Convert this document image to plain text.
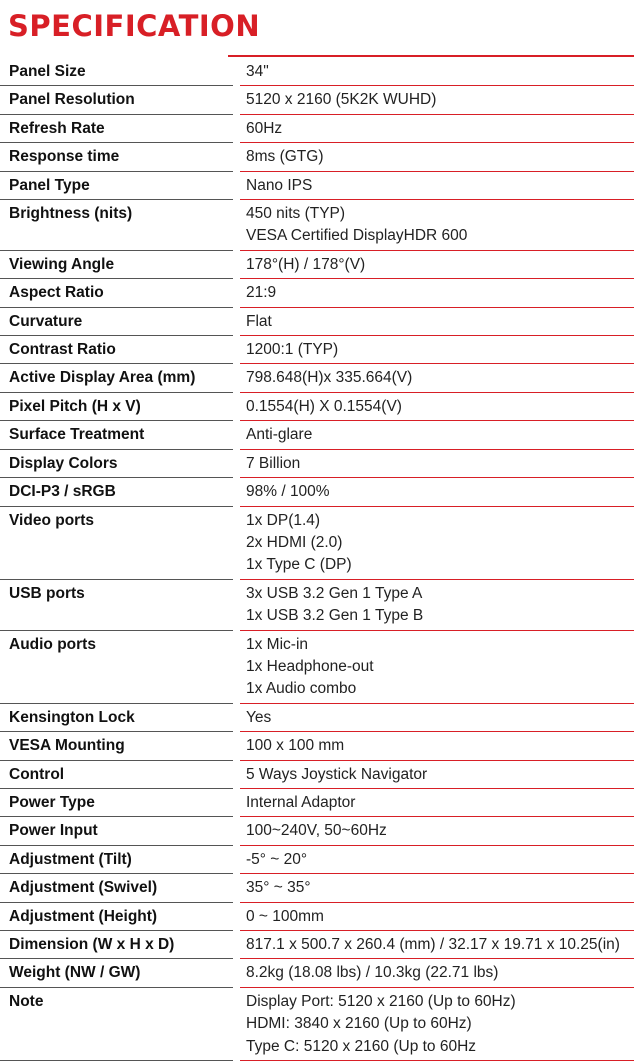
SPECIFICATION
Panel Size		34"

Panel Resolution		5120 x 2160 (5K2K WUHD)

Refresh Rate		60Hz

Response time		8ms (GTG)

Panel Type		Nano IPS

Brightness (nits)		450 nits (TYP)
VESA Certified DisplayHDR 600

Viewing Angle		178°(H) / 178°(V)

Aspect Ratio		21:9

Curvature		Flat

Contrast Ratio		1200:1 (TYP)

Active Display Area (mm)		798.648(H)x 335.664(V)

Pixel Pitch (H x V)		0.1554(H) X 0.1554(V)

Surface Treatment		Anti-glare

Display Colors		7 Billion

DCI-P3 / sRGB		98% / 100%

Video ports		1x DP(1.4)
2x HDMI (2.0)
1x Type C (DP)

USB ports		3x USB 3.2 Gen 1 Type A
1x USB 3.2 Gen 1 Type B

Audio ports		1x Mic-in
1x Headphone-out
1x Audio combo

Kensington Lock		Yes

VESA Mounting		100 x 100 mm

Control		5 Ways Joystick Navigator

Power Type		Internal Adaptor

Power Input		100~240V, 50~60Hz

Adjustment (Tilt)		-5° ~ 20°

Adjustment (Swivel)		35° ~ 35°

Adjustment (Height)		0 ~ 100mm

Dimension (W x H x D)		817.1 x 500.7 x 260.4 (mm) / 32.17 x 19.71 x 10.25(in)

Weight (NW / GW)		8.2kg (18.08 lbs) / 10.3kg (22.71 lbs)

Note		Display Port: 5120 x 2160 (Up to 60Hz)
HDMI: 3840 x 2160 (Up to 60Hz)
Type C: 5120 x 2160 (Up to 60Hz
